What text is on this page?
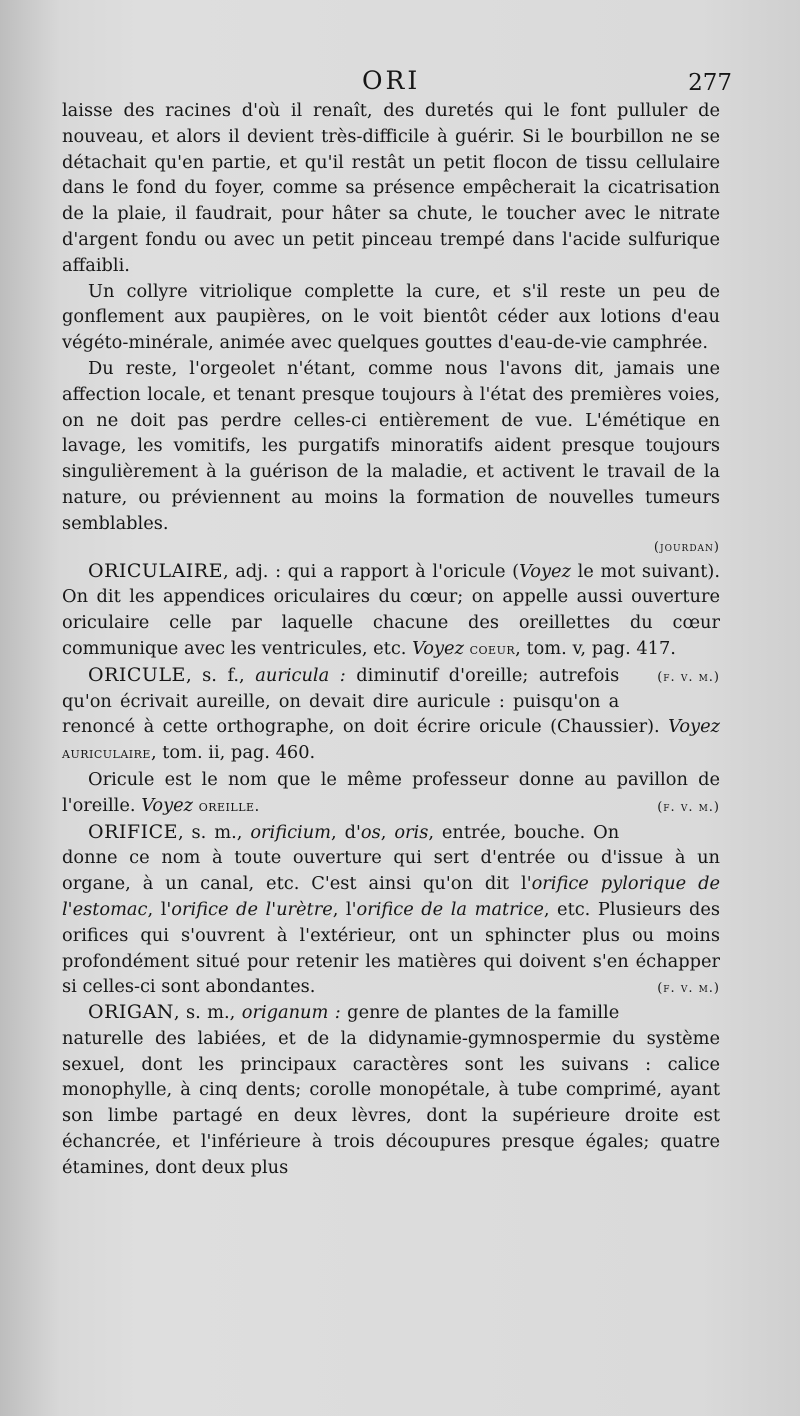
ORI	277

laisse des racines d'où il renaît, des duretés qui le font pulluler de nouveau, et alors il devient très-difficile à guérir. Si le bourbillon ne se détachait qu'en partie, et qu'il restât un petit flocon de tissu cellulaire dans le fond du foyer, comme sa présence empêcherait la cicatrisation de la plaie, il faudrait, pour hâter sa chute, le toucher avec le nitrate d'argent fondu ou avec un petit pinceau trempé dans l'acide sulfurique affaibli.

Un collyre vitriolique complette la cure, et s'il reste un peu de gonflement aux paupières, on le voit bientôt céder aux lotions d'eau végéto-minérale, animée avec quelques gouttes d'eau-de-vie camphrée.

Du reste, l'orgeolet n'étant, comme nous l'avons dit, jamais une affection locale, et tenant presque toujours à l'état des premières voies, on ne doit pas perdre celles-ci entièrement de vue. L'émétique en lavage, les vomitifs, les purgatifs minoratifs aident presque toujours singulièrement à la guérison de la maladie, et activent le travail de la nature, ou préviennent au moins la formation de nouvelles tumeurs semblables.

(jourdan)

ORICULAIRE, adj. : qui a rapport à l'oricule (Voyez le mot suivant). On dit les appendices oriculaires du cœur; on appelle aussi ouverture oriculaire celle par laquelle chacune des oreillettes du cœur communique avec les ventricules, etc. Voyez coeur, tom. v, pag. 417.
(f. v. m.)

ORICULE, s. f., auricula : diminutif d'oreille; autrefois qu'on écrivait aureille, on devait dire auricule : puisqu'on a renoncé à cette orthographe, on doit écrire oricule (Chaussier). Voyez auriculaire, tom. ii, pag. 460.

Oricule est le nom que le même professeur donne au pavillon de l'oreille. Voyez oreille.	(f. v. m.)

ORIFICE, s. m., orificium, d'os, oris, entrée, bouche. On donne ce nom à toute ouverture qui sert d'entrée ou d'issue à un organe, à un canal, etc. C'est ainsi qu'on dit l'orifice pylorique de l'estomac, l'orifice de l'urètre, l'orifice de la matrice, etc. Plusieurs des orifices qui s'ouvrent à l'extérieur, ont un sphincter plus ou moins profondément situé pour retenir les matières qui doivent s'en échapper si celles-ci sont abondantes.	(f. v. m.)

ORIGAN, s. m., origanum : genre de plantes de la famille naturelle des labiées, et de la didynamie-gymnospermie du système sexuel, dont les principaux caractères sont les suivans : calice monophylle, à cinq dents; corolle monopétale, à tube comprimé, ayant son limbe partagé en deux lèvres, dont la supérieure droite est échancrée, et l'inférieure à trois découpures presque égales; quatre étamines, dont deux plus
